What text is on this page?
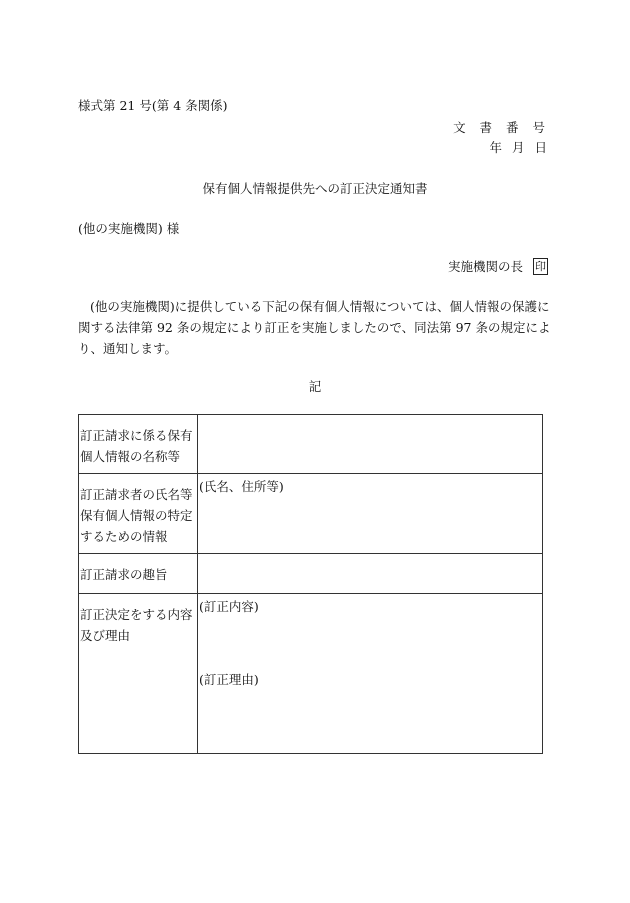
様式第 21 号(第 4 条関係)
文 書 番 号
年 月 日
保有個人情報提供先への訂正決定通知書
(他の実施機関) 様
実施機関の長 印
(他の実施機関)に提供している下記の保有個人情報については、個人情報の保護に関する法律第 92 条の規定により訂正を実施しましたので、同法第 97 条の規定により、通知します。
記
訂正請求に係る保有個人情報の名称等	

訂正請求者の氏名等保有個人情報の特定するための情報	(氏名、住所等)

訂正請求の趣旨	

訂正決定をする内容及び理由	(訂正内容)
(訂正理由)
